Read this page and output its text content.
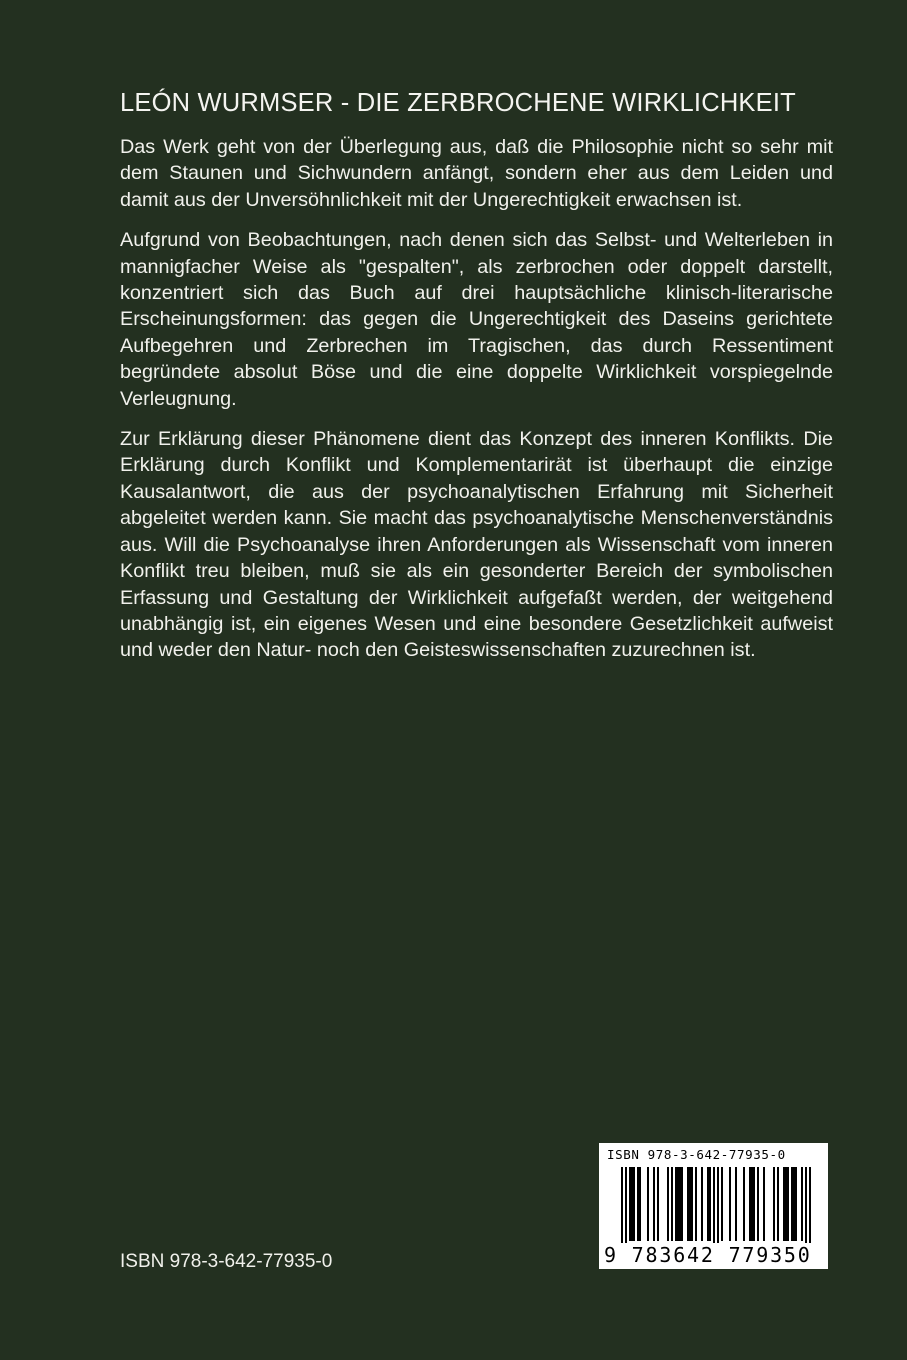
LEÓN WURMSER - DIE ZERBROCHENE WIRKLICHKEIT

Das Werk geht von der Überlegung aus, daß die Philosophie nicht so sehr mit dem Staunen und Sichwundern anfängt, sondern eher aus dem Leiden und damit aus der Unversöhnlichkeit mit der Ungerechtigkeit erwachsen ist.

Aufgrund von Beobachtungen, nach denen sich das Selbst- und Welterleben in mannigfacher Weise als "gespalten", als zerbrochen oder doppelt darstellt, konzentriert sich das Buch auf drei hauptsächliche klinisch-literarische Erscheinungsformen: das gegen die Ungerechtigkeit des Daseins gerichtete Aufbegehren und Zerbrechen im Tragischen, das durch Ressentiment begründete absolut Böse und die eine doppelte Wirklichkeit vorspiegelnde Verleugnung.

Zur Erklärung dieser Phänomene dient das Konzept des inneren Konflikts. Die Erklärung durch Konflikt und Komplementarirät ist überhaupt die einzige Kausalantwort, die aus der psychoanalytischen Erfahrung mit Sicherheit abgeleitet werden kann. Sie macht das psychoanalytische Menschenverständnis aus. Will die Psychoanalyse ihren Anforderungen als Wissenschaft vom inneren Konflikt treu bleiben, muß sie als ein gesonderter Bereich der symbolischen Erfassung und Gestaltung der Wirklichkeit aufgefaßt werden, der weitgehend unabhängig ist, ein eigenes Wesen und eine besondere Gesetzlichkeit aufweist und weder den Natur- noch den Geisteswissenschaften zuzurechnen ist.

ISBN 978-3-642-77935-0
ISBN 978-3-642-77935-0
9 783642 779350
